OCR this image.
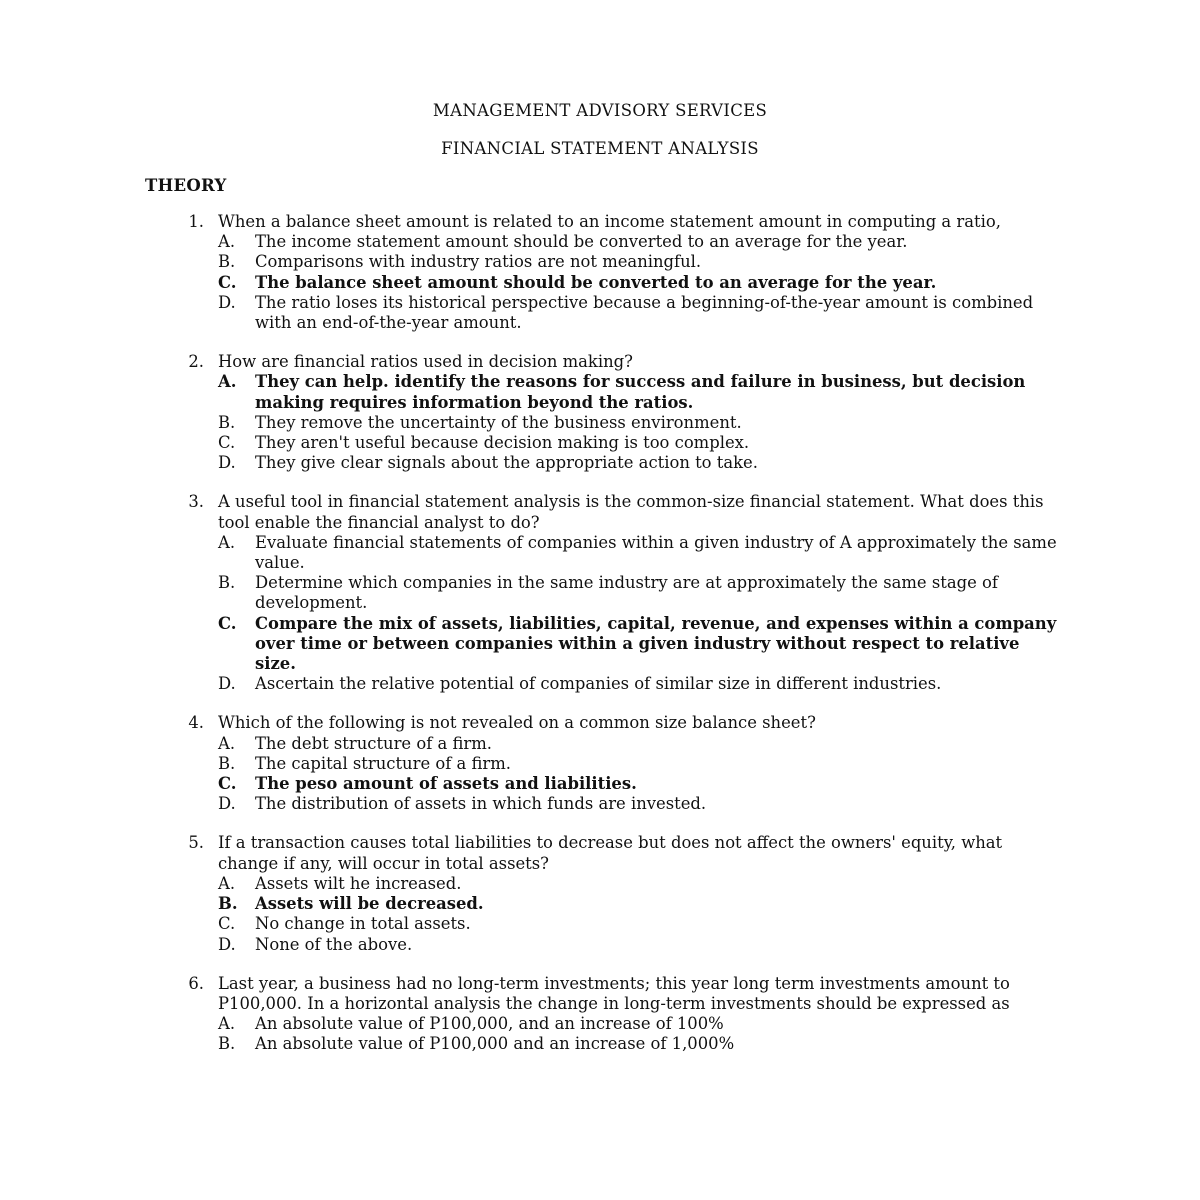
MANAGEMENT ADVISORY SERVICES
FINANCIAL STATEMENT ANALYSIS
THEORY
1. When a balance sheet amount is related to an income statement amount in computing a ratio,
A. The income statement amount should be converted to an average for the year.
B. Comparisons with industry ratios are not meaningful.
C. The balance sheet amount should be converted to an average for the year.
D. The ratio loses its historical perspective because a beginning-of-the-year amount is combined with an end-of-the-year amount.
2. How are financial ratios used in decision making?
A. They can help. identify the reasons for success and failure in business, but decision making requires information beyond the ratios.
B. They remove the uncertainty of the business environment.
C. They aren't useful because decision making is too complex.
D. They give clear signals about the appropriate action to take.
3. A useful tool in financial statement analysis is the common-size financial statement. What does this tool enable the financial analyst to do?
A. Evaluate financial statements of companies within a given industry of A approximately the same value.
B. Determine which companies in the same industry are at approximately the same stage of development.
C. Compare the mix of assets, liabilities, capital, revenue, and expenses within a company over time or between companies within a given industry without respect to relative size.
D. Ascertain the relative potential of companies of similar size in different industries.
4. Which of the following is not revealed on a common size balance sheet?
A. The debt structure of a firm.
B. The capital structure of a firm.
C. The peso amount of assets and liabilities.
D. The distribution of assets in which funds are invested.
5. If a transaction causes total liabilities to decrease but does not affect the owners' equity, what change if any, will occur in total assets?
A. Assets wilt he increased.
B. Assets will be decreased.
C. No change in total assets.
D. None of the above.
6. Last year, a business had no long-term investments; this year long term investments amount to P100,000. In a horizontal analysis the change in long-term investments should be expressed as
A. An absolute value of P100,000, and an increase of 100%
B. An absolute value of P100,000 and an increase of 1,000%
